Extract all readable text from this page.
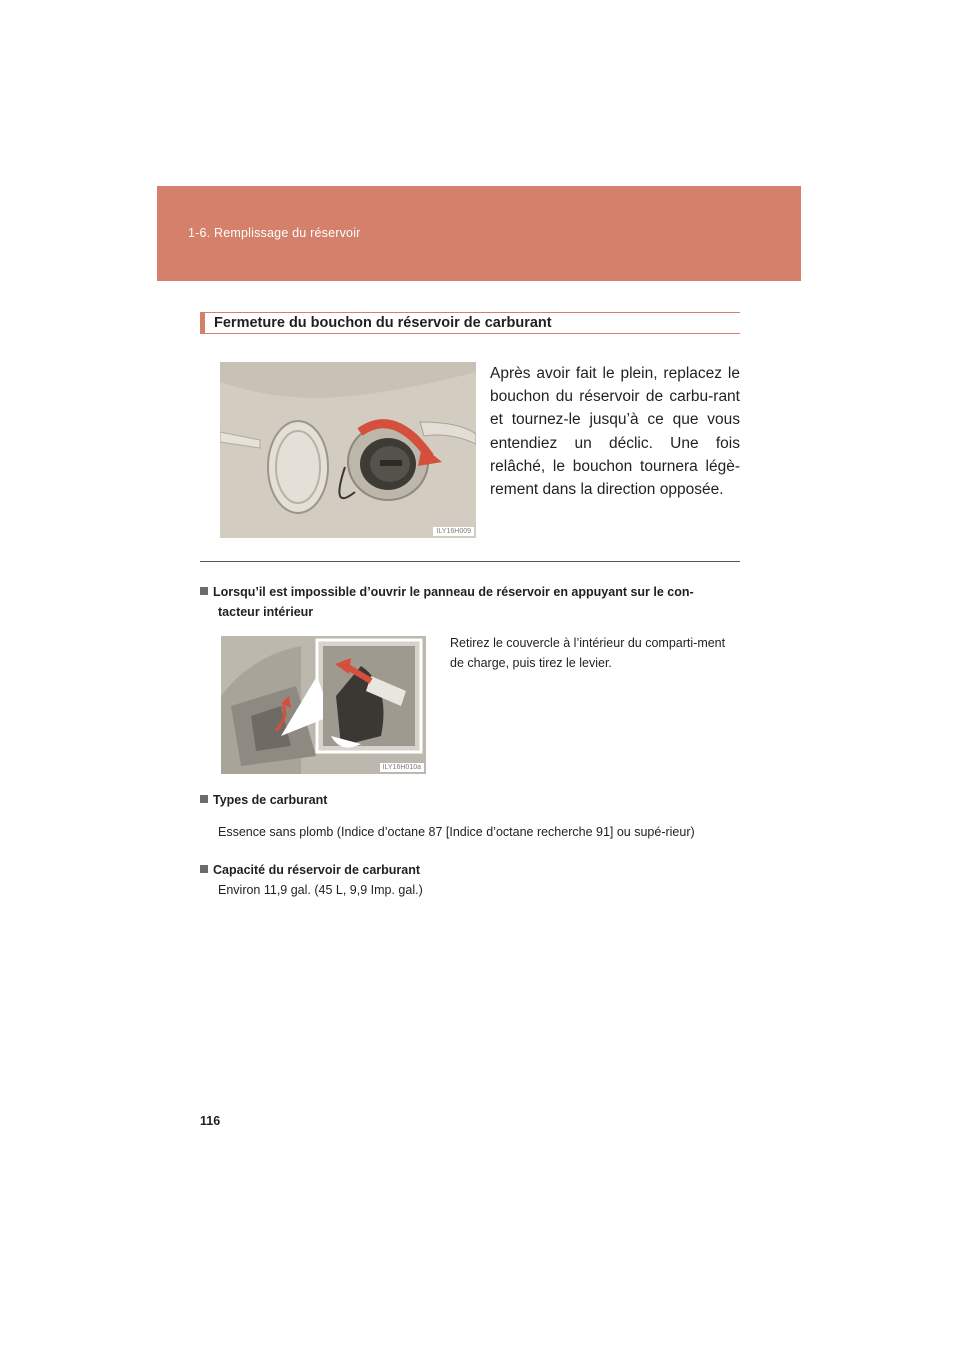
1-6. Remplissage du réservoir
Fermeture du bouchon du réservoir de carburant
ILY16H009
Après avoir fait le plein, replacez le bouchon du réservoir de carbu-rant et tournez-le jusqu’à ce que vous entendiez un déclic. Une fois relâché, le bouchon tournera légè-rement dans la direction opposée.
Lorsqu’il est impossible d’ouvrir le panneau de réservoir en appuyant sur le con-
tacteur intérieur
ILY16H010a
Retirez le couvercle à l’intérieur du comparti-ment de charge, puis tirez le levier.
Types de carburant
Essence sans plomb (Indice d’octane 87 [Indice d’octane recherche 91] ou supé-rieur)
Capacité du réservoir de carburant
Environ 11,9 gal. (45 L, 9,9 Imp. gal.)
116
